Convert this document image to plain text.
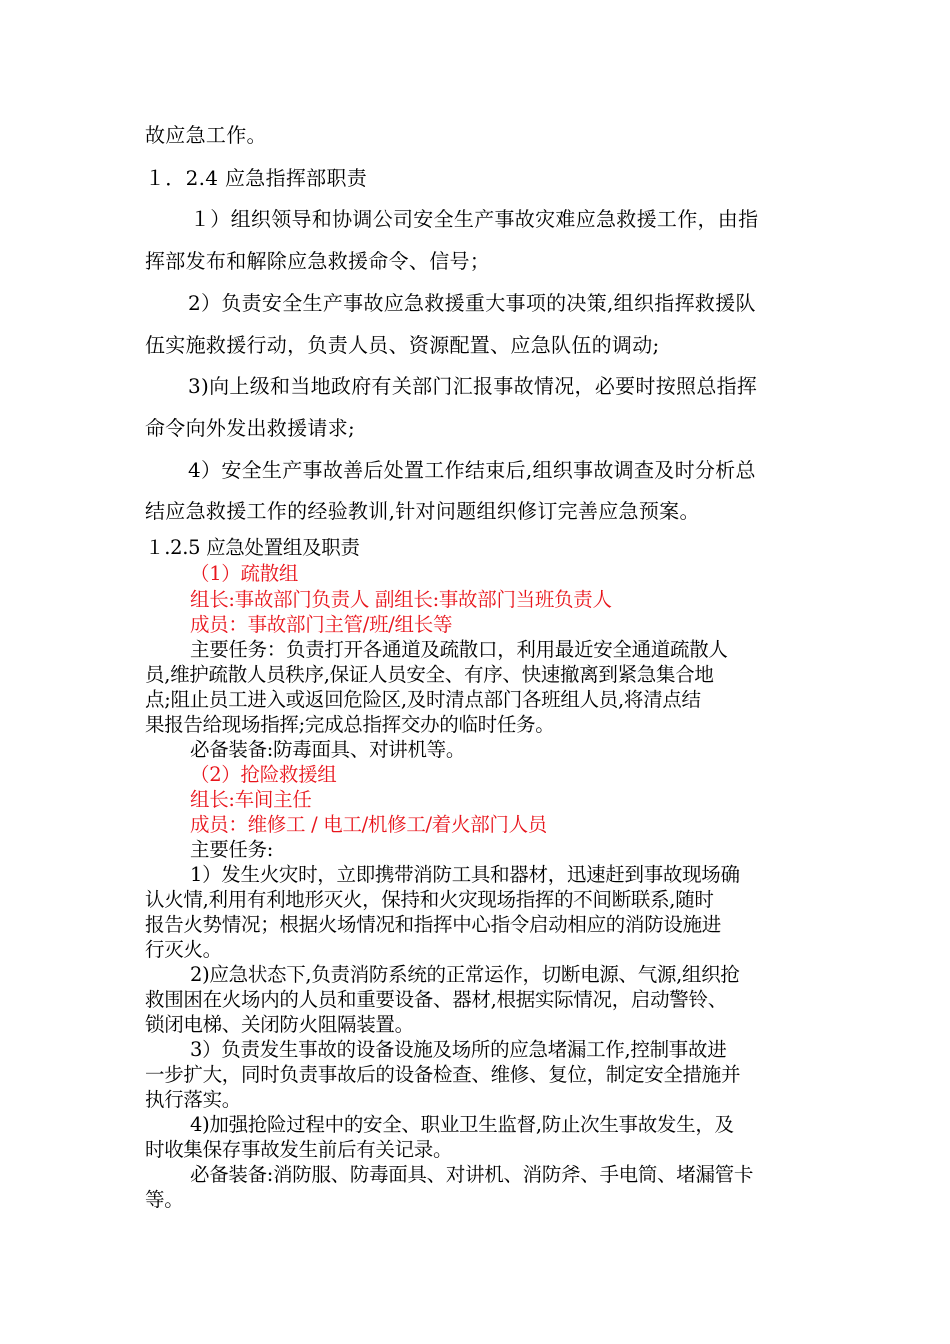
故应急工作。
１．2.4 应急指挥部职责
１）组织领导和协调公司安全生产事故灾难应急救援工作，由指
挥部发布和解除应急救援命令、信号；
2）负责安全生产事故应急救援重大事项的决策,组织指挥救援队
伍实施救援行动，负责人员、资源配置、应急队伍的调动;
3)向上级和当地政府有关部门汇报事故情况，必要时按照总指挥
命令向外发出救援请求;
4）安全生产事故善后处置工作结束后,组织事故调查及时分析总
结应急救援工作的经验教训,针对问题组织修订完善应急预案。
１.2.5 应急处置组及职责
（1）疏散组
组长:事故部门负责人 副组长:事故部门当班负责人
成员：事故部门主管/班/组长等
主要任务：负责打开各通道及疏散口，利用最近安全通道疏散人
员,维护疏散人员秩序,保证人员安全、有序、快速撤离到紧急集合地
点;阻止员工进入或返回危险区,及时清点部门各班组人员,将清点结
果报告给现场指挥;完成总指挥交办的临时任务。
必备装备:防毒面具、对讲机等。
（2）抢险救援组
组长:车间主任
成员：维修工 / 电工/机修工/着火部门人员
主要任务:
1）发生火灾时，立即携带消防工具和器材，迅速赶到事故现场确
认火情,利用有利地形灭火，保持和火灾现场指挥的不间断联系,随时
报告火势情况；根据火场情况和指挥中心指令启动相应的消防设施进
行灭火。
2)应急状态下,负责消防系统的正常运作，切断电源、气源,组织抢
救围困在火场内的人员和重要设备、器材,根据实际情况，启动警铃、
锁闭电梯、关闭防火阻隔装置。
3）负责发生事故的设备设施及场所的应急堵漏工作,控制事故进
一步扩大，同时负责事故后的设备检查、维修、复位，制定安全措施并
执行落实。
4)加强抢险过程中的安全、职业卫生监督,防止次生事故发生，及
时收集保存事故发生前后有关记录。
必备装备:消防服、防毒面具、对讲机、消防斧、手电筒、堵漏管卡
等。
